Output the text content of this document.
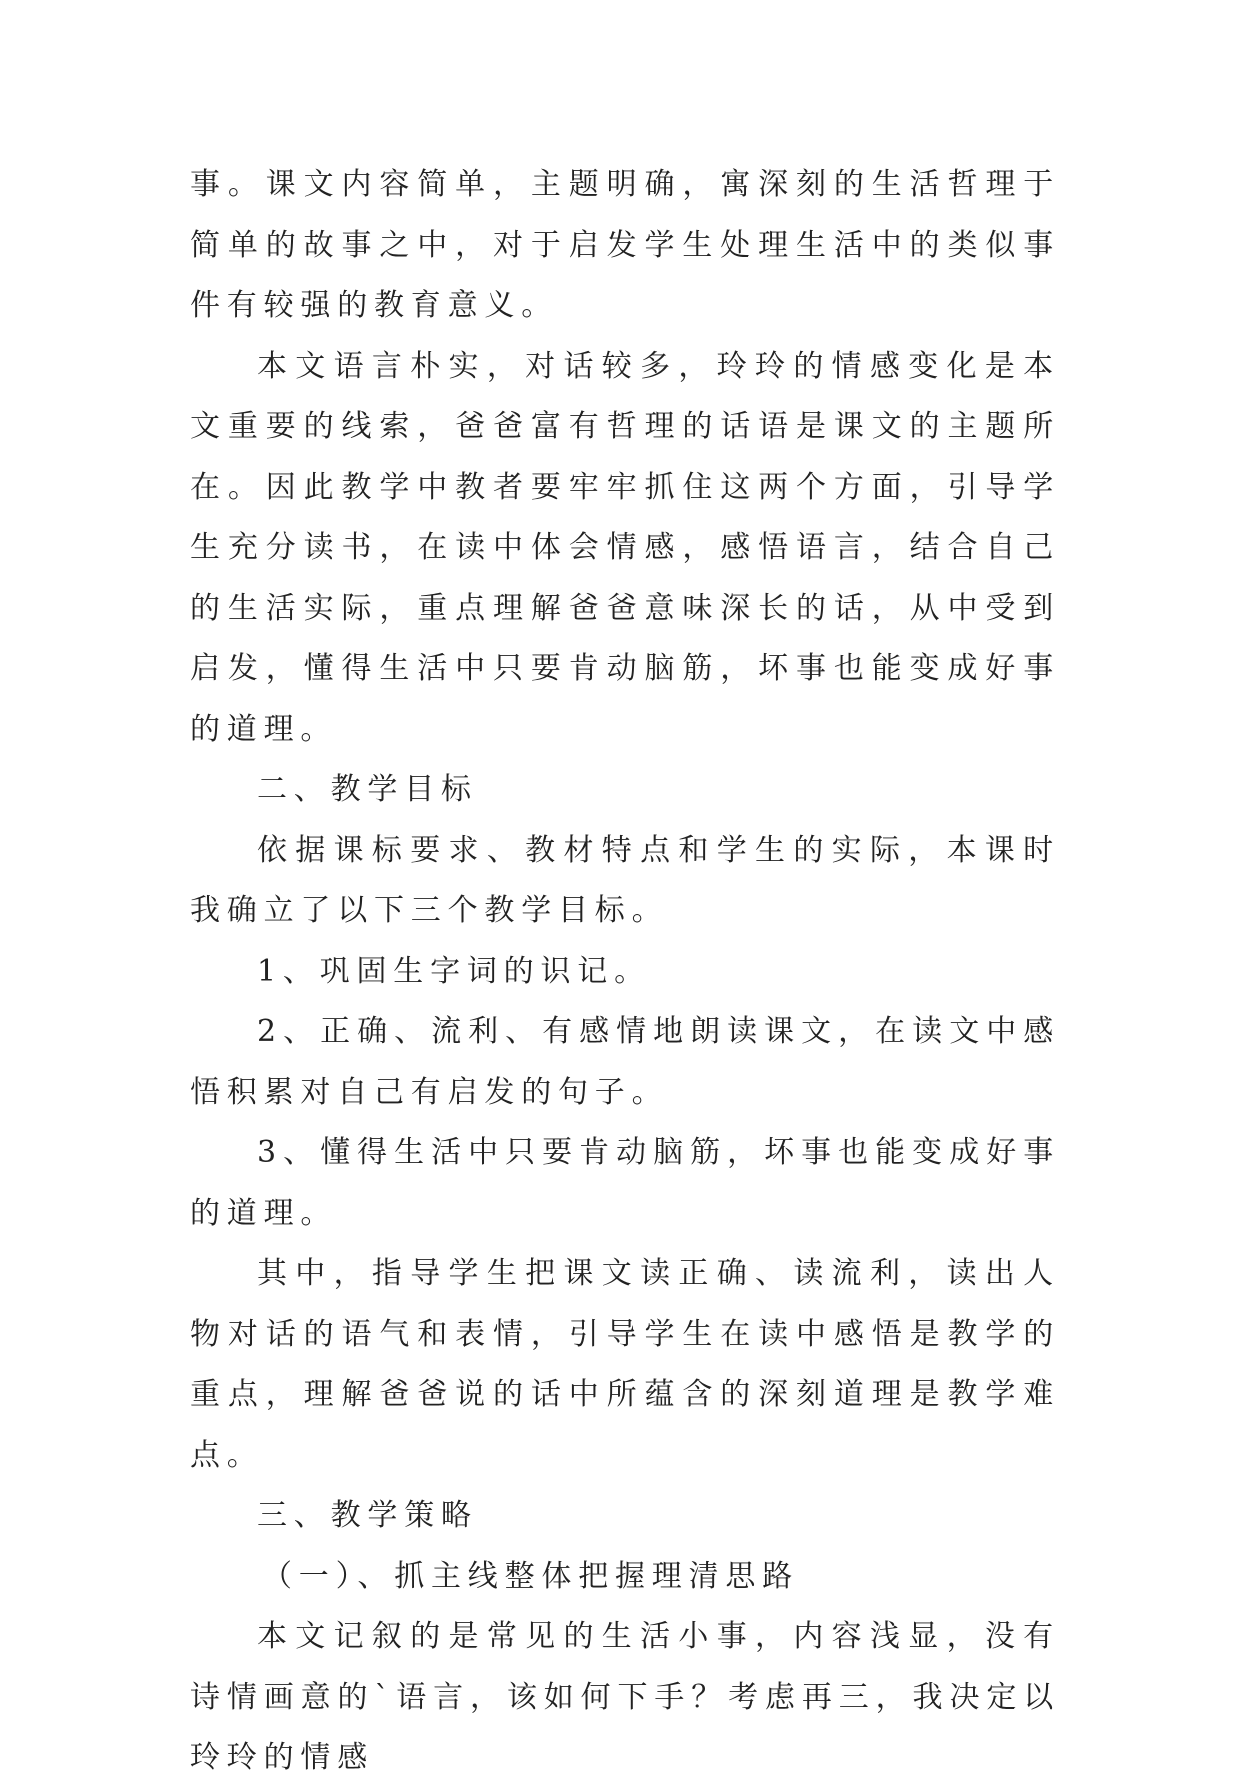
事。课文内容简单，主题明确，寓深刻的生活哲理于简单的故事之中，对于启发学生处理生活中的类似事件有较强的教育意义。

本文语言朴实，对话较多，玲玲的情感变化是本文重要的线索，爸爸富有哲理的话语是课文的主题所在。因此教学中教者要牢牢抓住这两个方面，引导学生充分读书，在读中体会情感，感悟语言，结合自己的生活实际，重点理解爸爸意味深长的话，从中受到启发，懂得生活中只要肯动脑筋，坏事也能变成好事的道理。

二、教学目标

依据课标要求、教材特点和学生的实际，本课时我确立了以下三个教学目标。

1、巩固生字词的识记。

2、正确、流利、有感情地朗读课文，在读文中感悟积累对自己有启发的句子。

3、懂得生活中只要肯动脑筋，坏事也能变成好事的道理。

其中，指导学生把课文读正确、读流利，读出人物对话的语气和表情，引导学生在读中感悟是教学的重点，理解爸爸说的话中所蕴含的深刻道理是教学难点。

三、教学策略

（一）、抓主线整体把握理清思路

本文记叙的是常见的生活小事，内容浅显，没有诗情画意的`语言，该如何下手？考虑再三，我决定以玲玲的情感
